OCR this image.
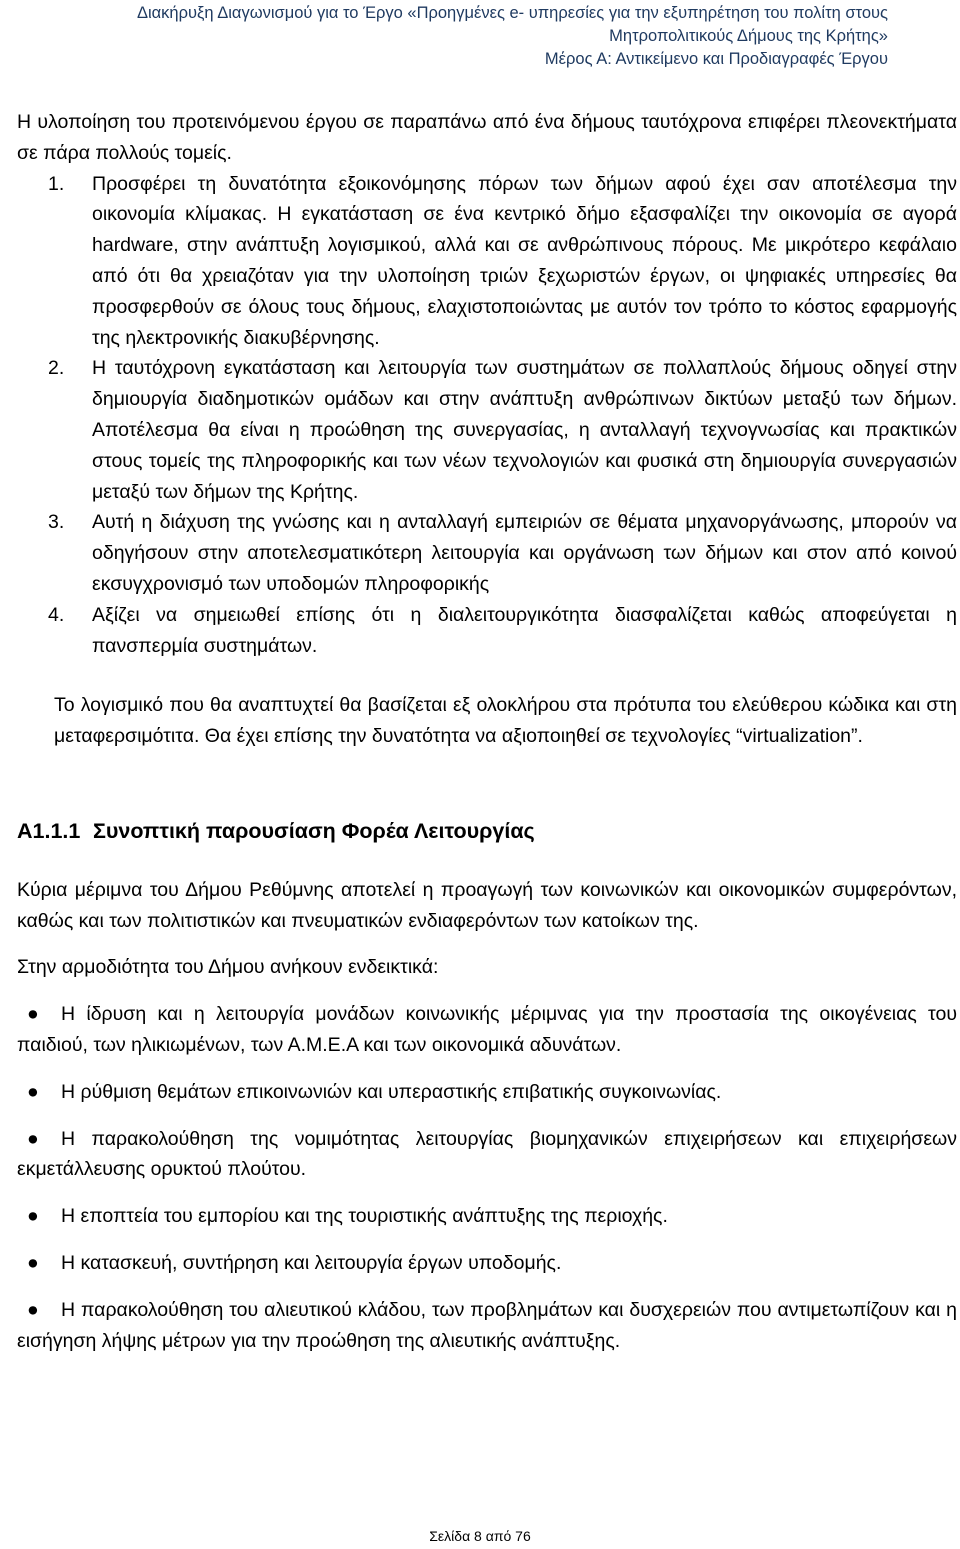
Διακήρυξη Διαγωνισμού για το Έργο «Προηγμένες e- υπηρεσίες για την εξυπηρέτηση του πολίτη στους
Μητροπολιτικούς Δήμους της Κρήτης»
Μέρος Α: Αντικείμενο και Προδιαγραφές Έργου

Η υλοποίηση του προτεινόμενου έργου σε παραπάνω από ένα δήμους ταυτόχρονα επιφέρει πλεονεκτήματα σε πάρα πολλούς τομείς.

1. Προσφέρει τη δυνατότητα εξοικονόμησης πόρων των δήμων αφού έχει σαν αποτέλεσμα την οικονομία κλίμακας. Η εγκατάσταση σε ένα κεντρικό δήμο εξασφαλίζει την οικονομία σε αγορά hardware, στην ανάπτυξη λογισμικού, αλλά και σε ανθρώπινους πόρους. Με μικρότερο κεφάλαιο από ότι θα χρειαζόταν για την υλοποίηση τριών ξεχωριστών έργων, οι ψηφιακές υπηρεσίες θα προσφερθούν σε όλους τους δήμους, ελαχιστοποιώντας με αυτόν τον τρόπο το κόστος εφαρμογής της ηλεκτρονικής διακυβέρνησης.
2. Η ταυτόχρονη εγκατάσταση και λειτουργία των συστημάτων σε πολλαπλούς δήμους οδηγεί στην δημιουργία διαδημοτικών ομάδων και στην ανάπτυξη ανθρώπινων δικτύων μεταξύ των δήμων. Αποτέλεσμα θα είναι η προώθηση της συνεργασίας, η ανταλλαγή τεχνογνωσίας και πρακτικών στους τομείς της πληροφορικής και των νέων τεχνολογιών και φυσικά στη δημιουργία συνεργασιών μεταξύ των δήμων της Κρήτης.
3. Αυτή η διάχυση της γνώσης και η ανταλλαγή εμπειριών σε θέματα μηχανοργάνωσης, μπορούν να οδηγήσουν στην αποτελεσματικότερη λειτουργία και οργάνωση των δήμων και στον από κοινού εκσυγχρονισμό των υποδομών πληροφορικής
4. Αξίζει να σημειωθεί επίσης ότι η διαλειτουργικότητα διασφαλίζεται καθώς αποφεύγεται η πανσπερμία συστημάτων.

Το λογισμικό που θα αναπτυχτεί θα βασίζεται εξ ολοκλήρου στα πρότυπα του ελεύθερου κώδικα και στη μεταφερσιμότιτα. Θα έχει επίσης την δυνατότητα να αξιοποιηθεί σε τεχνολογίες “virtualization”.

A1.1.1 Συνοπτική παρουσίαση Φορέα Λειτουργίας

Κύρια μέριμνα του Δήμου Ρεθύμνης αποτελεί η προαγωγή των κοινωνικών και οικονομικών συμφερόντων, καθώς και των πολιτιστικών και πνευματικών ενδιαφερόντων των κατοίκων της.

Στην αρμοδιότητα του Δήμου ανήκουν ενδεικτικά:

● Η ίδρυση και η λειτουργία μονάδων κοινωνικής μέριμνας για την προστασία της οικογένειας του παιδιού, των ηλικιωμένων, των Α.Μ.Ε.Α και των οικονομικά αδυνάτων.
● Η ρύθμιση θεμάτων επικοινωνιών και υπεραστικής επιβατικής συγκοινωνίας.
● Η παρακολούθηση της νομιμότητας λειτουργίας βιομηχανικών επιχειρήσεων και επιχειρήσεων εκμετάλλευσης ορυκτού πλούτου.
● Η εποπτεία του εμπορίου και της τουριστικής ανάπτυξης της περιοχής.
● Η κατασκευή, συντήρηση και λειτουργία έργων υποδομής.
● Η παρακολούθηση του αλιευτικού κλάδου, των προβλημάτων και δυσχερειών που αντιμετωπίζουν και η εισήγηση λήψης μέτρων για την προώθηση της αλιευτικής ανάπτυξης.
Σελίδα 8 από 76
